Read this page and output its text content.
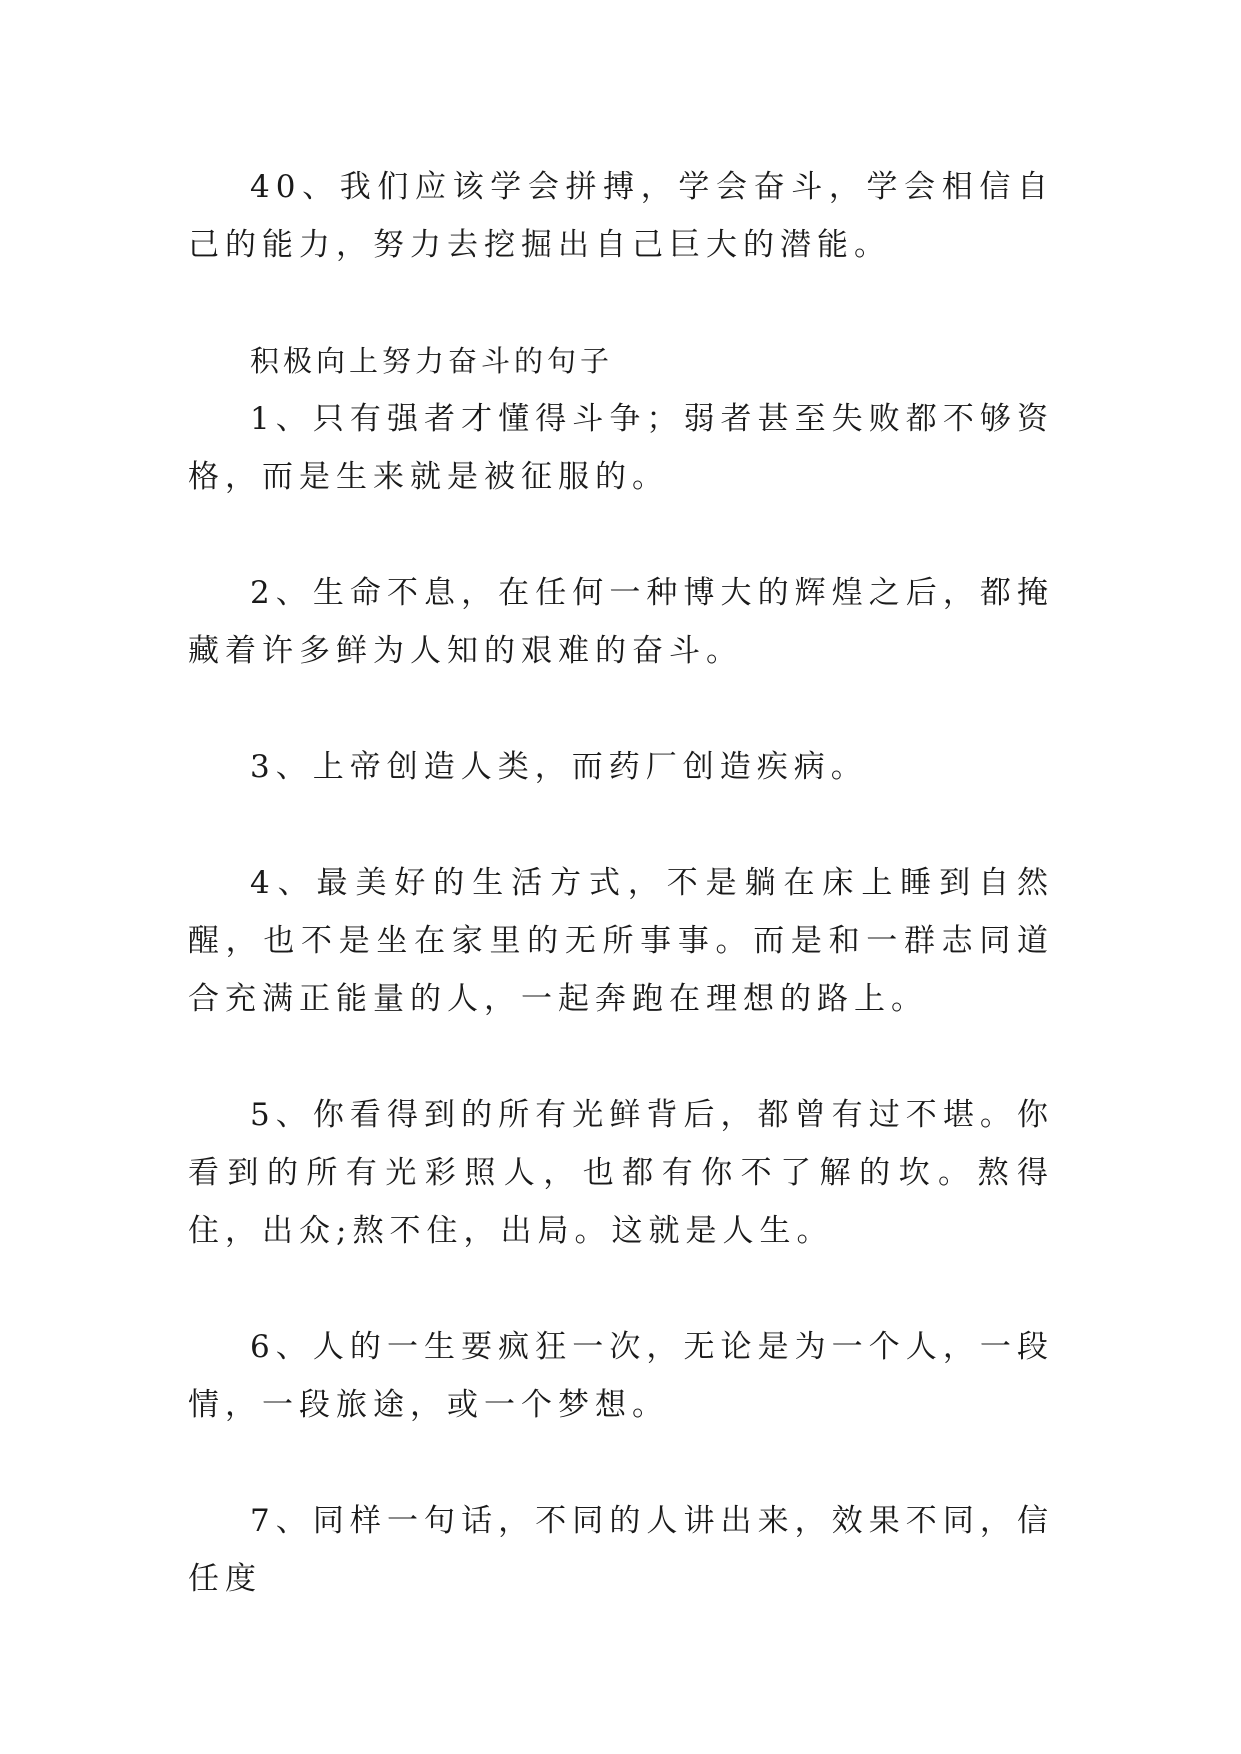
40、我们应该学会拼搏，学会奋斗，学会相信自己的能力，努力去挖掘出自己巨大的潜能。

积极向上努力奋斗的句子

1、只有强者才懂得斗争；弱者甚至失败都不够资格，而是生来就是被征服的。

2、生命不息，在任何一种博大的辉煌之后，都掩藏着许多鲜为人知的艰难的奋斗。

3、上帝创造人类，而药厂创造疾病。

4、最美好的生活方式，不是躺在床上睡到自然醒，也不是坐在家里的无所事事。而是和一群志同道合充满正能量的人，一起奔跑在理想的路上。

5、你看得到的所有光鲜背后，都曾有过不堪。你看到的所有光彩照人，也都有你不了解的坎。熬得住，出众;熬不住，出局。这就是人生。

6、人的一生要疯狂一次，无论是为一个人，一段情，一段旅途，或一个梦想。

7、同样一句话，不同的人讲出来，效果不同，信任度
